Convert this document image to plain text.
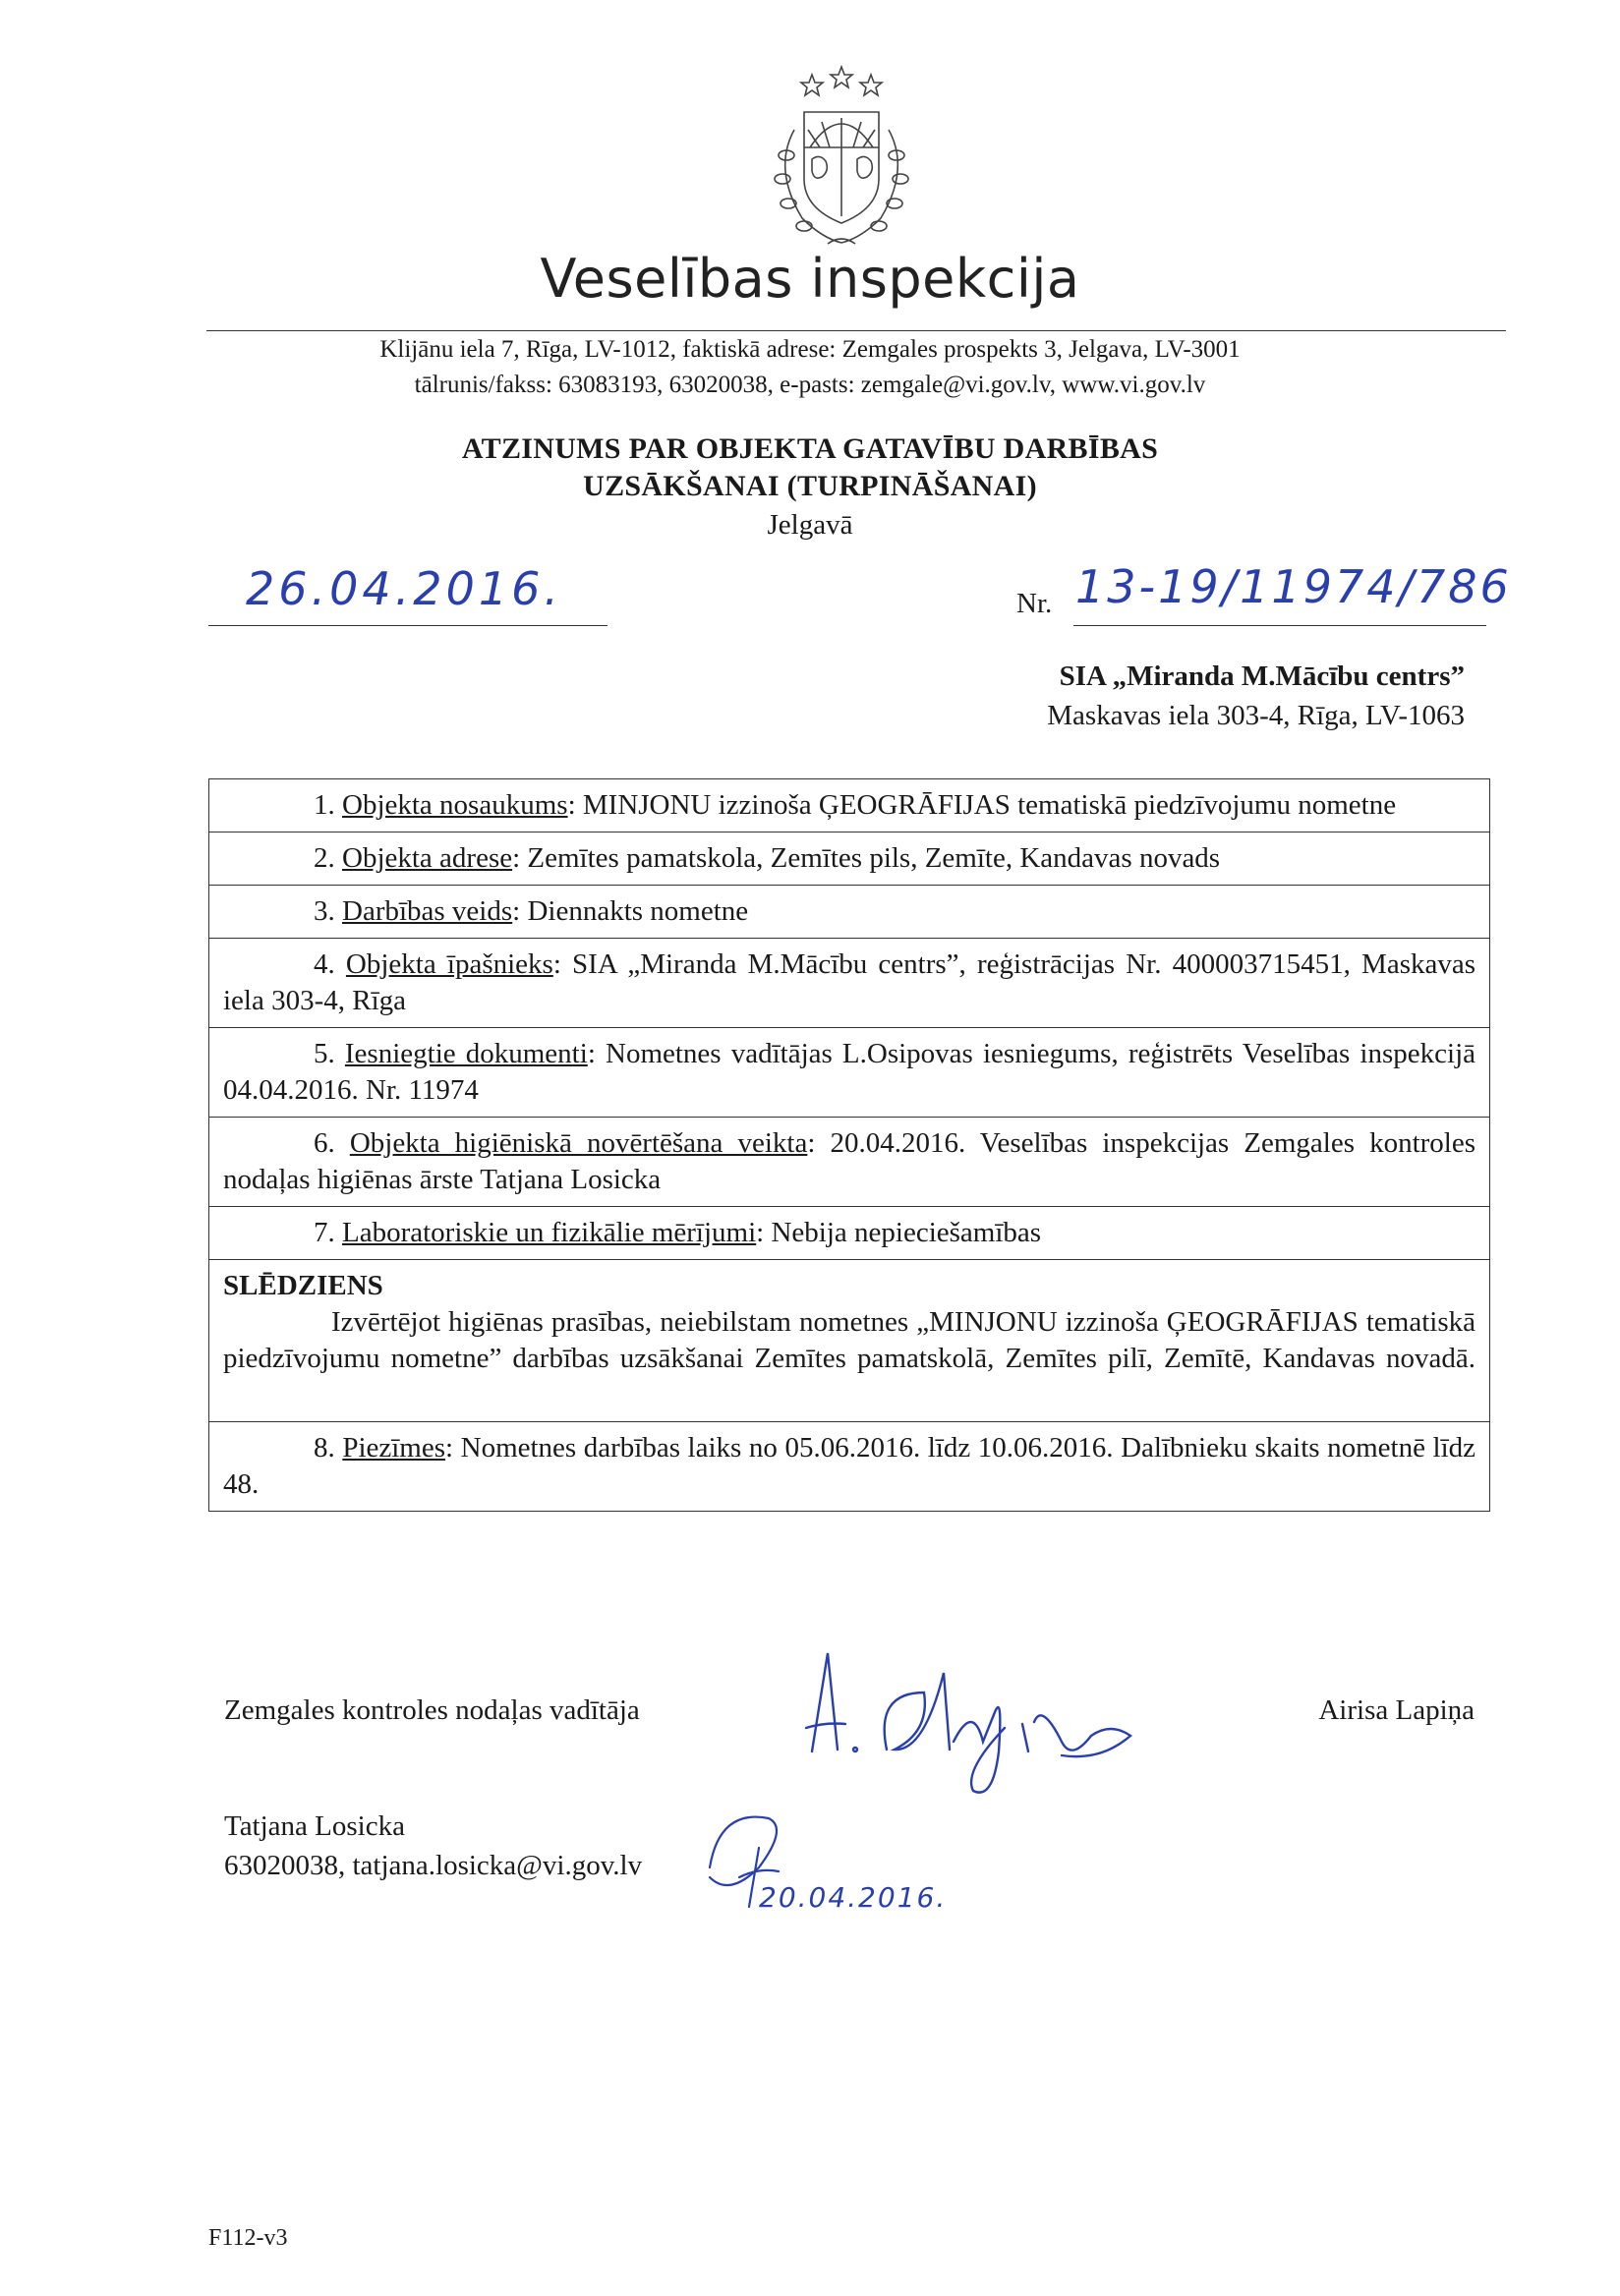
Veselības inspekcija
Klijānu iela 7, Rīga, LV-1012, faktiskā adrese: Zemgales prospekts 3, Jelgava, LV-3001
tālrunis/fakss: 63083193, 63020038, e-pasts: zemgale@vi.gov.lv, www.vi.gov.lv
ATZINUMS PAR OBJEKTA GATAVĪBU DARBĪBAS
UZSĀKŠANAI (TURPINĀŠANAI)
Jelgavā
26.04.2016.	Nr. 13-19/11974/786
SIA „Miranda M.Mācību centrs”
Maskavas iela 303-4, Rīga, LV-1063
1. Objekta nosaukums: MINJONU izzinoša ĢEOGRĀFIJAS tematiskā piedzīvojumu nometne
2. Objekta adrese: Zemītes pamatskola, Zemītes pils, Zemīte, Kandavas novads
3. Darbības veids: Diennakts nometne
4. Objekta īpašnieks: SIA „Miranda M.Mācību centrs”, reģistrācijas Nr. 400003715451, Maskavas iela 303-4, Rīga
5. Iesniegtie dokumenti: Nometnes vadītājas L.Osipovas iesniegums, reģistrēts Veselības inspekcijā 04.04.2016. Nr. 11974
6. Objekta higiēniskā novērtēšana veikta: 20.04.2016. Veselības inspekcijas Zemgales kontroles nodaļas higiēnas ārste Tatjana Losicka
7. Laboratoriskie un fizikālie mērījumi: Nebija nepieciešamības
SLĒDZIENS
Izvērtējot higiēnas prasības, neiebilstam nometnes „MINJONU izzinoša ĢEOGRĀFIJAS tematiskā piedzīvojumu nometne” darbības uzsākšanai Zemītes pamatskolā, Zemītes pilī, Zemītē, Kandavas novadā.
8. Piezīmes: Nometnes darbības laiks no 05.06.2016. līdz 10.06.2016. Dalībnieku skaits nometnē līdz 48.
Zemgales kontroles nodaļas vadītāja	Airisa Lapiņa
Tatjana Losicka
63020038, tatjana.losicka@vi.gov.lv
20.04.2016.
F112-v3
